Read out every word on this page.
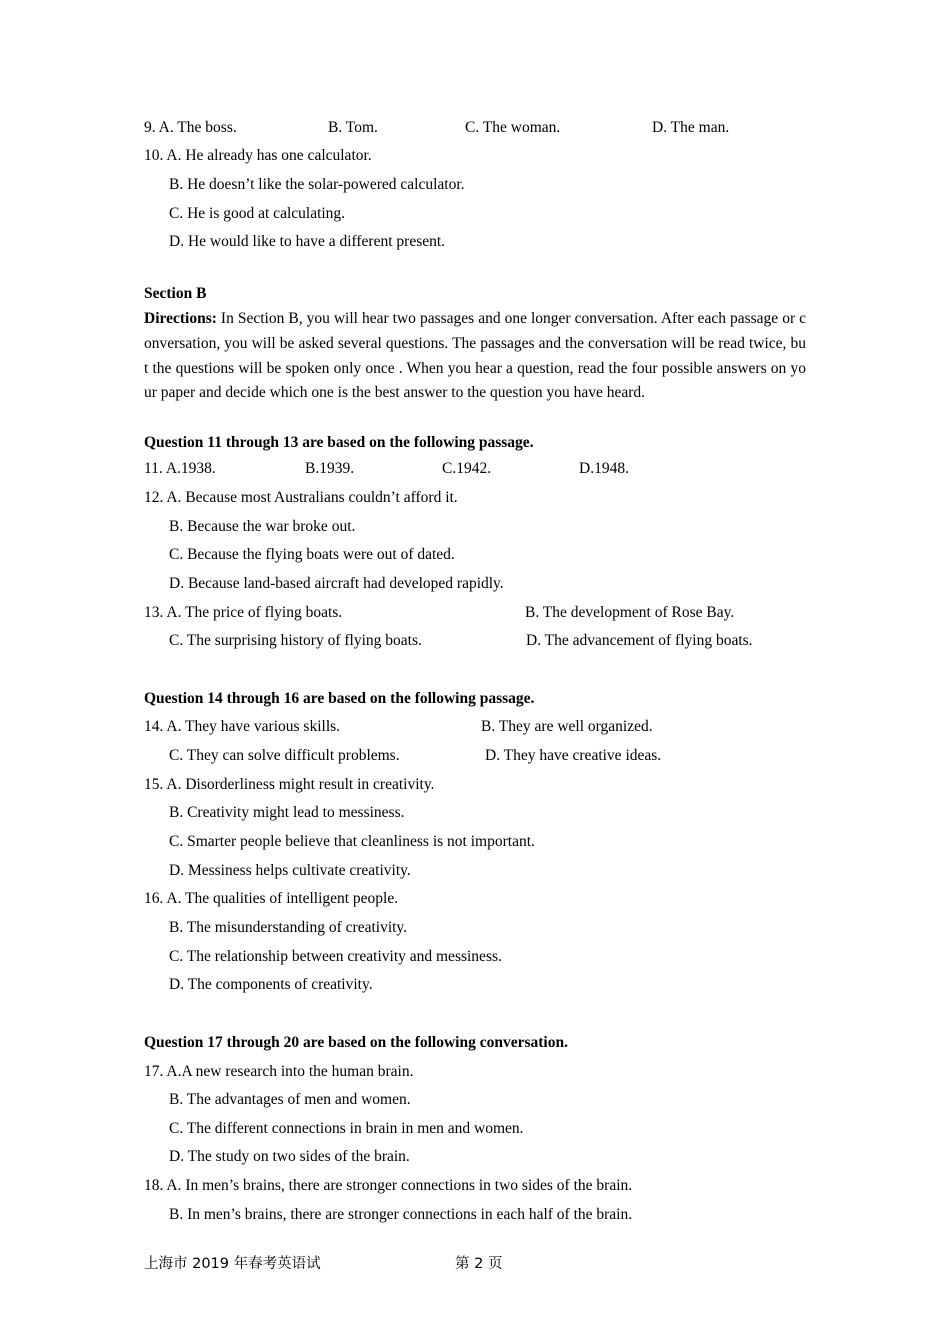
9. A. The boss.	B. Tom.	C. The woman.	D. The man.
10. A. He already has one calculator.
B. He doesn’t like the solar-powered calculator.
C. He is good at calculating.
D. He would like to have a different present.
Section B
Directions: In Section B, you will hear two passages and one longer conversation. After each passage or conversation, you will be asked several questions. The passages and the conversation will be read twice, but the questions will be spoken only once . When you hear a question, read the four possible answers on your paper and decide which one is the best answer to the question you have heard.
Question 11 through 13 are based on the following passage.
11. A.1938.	B.1939.	C.1942.	D.1948.
12. A. Because most Australians couldn’t afford it.
B. Because the war broke out.
C. Because the flying boats were out of dated.
D. Because land-based aircraft had developed rapidly.
13. A. The price of flying boats.	B. The development of Rose Bay.
C. The surprising history of flying boats.	D. The advancement of flying boats.
Question 14 through 16 are based on the following passage.
14. A. They have various skills.	B. They are well organized.
C. They can solve difficult problems.	D. They have creative ideas.
15. A. Disorderliness might result in creativity.
B. Creativity might lead to messiness.
C. Smarter people believe that cleanliness is not important.
D. Messiness helps cultivate creativity.
16. A. The qualities of intelligent people.
B. The misunderstanding of creativity.
C. The relationship between creativity and messiness.
D. The components of creativity.
Question 17 through 20 are based on the following conversation.
17. A.A new research into the human brain.
B. The advantages of men and women.
C. The different connections in brain in men and women.
D. The study on two sides of the brain.
18. A. In men’s brains, there are stronger connections in two sides of the brain.
B. In men’s brains, there are stronger connections in each half of the brain.
上海市 2019 年春考英语试	第 2 页
